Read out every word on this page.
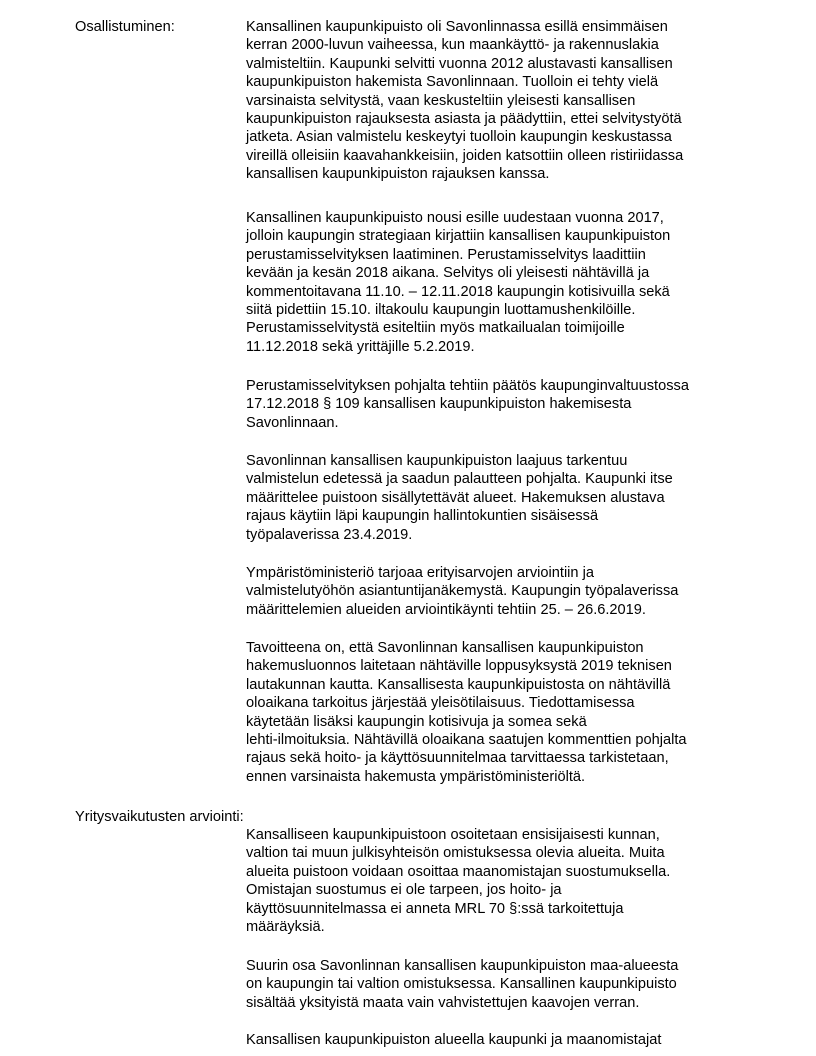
Osallistuminen:	Kansallinen kaupunkipuisto oli Savonlinnassa esillä ensimmäisen
kerran 2000-luvun vaiheessa, kun maankäyttö- ja rakennuslakia
valmisteltiin. Kaupunki selvitti vuonna 2012 alustavasti kansallisen
kaupunkipuiston hakemista Savonlinnaan. Tuolloin ei tehty vielä
varsinaista selvitystä, vaan keskusteltiin yleisesti kansallisen
kaupunkipuiston rajauksesta asiasta ja päädyttiin, ettei selvitystyötä
jatketa. Asian valmistelu keskeytyi tuolloin kaupungin keskustassa
vireillä olleisiin kaavahankkeisiin, joiden katsottiin olleen ristiriidassa
kansallisen kaupunkipuiston rajauksen kanssa.
Kansallinen kaupunkipuisto nousi esille uudestaan vuonna 2017,
jolloin kaupungin strategiaan kirjattiin kansallisen kaupunkipuiston
perustamisselvityksen laatiminen. Perustamisselvitys laadittiin
kevään ja kesän 2018 aikana. Selvitys oli yleisesti nähtävillä ja
kommentoitavana 11.10. – 12.11.2018 kaupungin kotisivuilla sekä
siitä pidettiin 15.10. iltakoulu kaupungin luottamushenkilöille.
Perustamisselvitystä esiteltiin myös matkailualan toimijoille
11.12.2018 sekä yrittäjille 5.2.2019.
Perustamisselvityksen pohjalta tehtiin päätös kaupunginvaltuustossa
17.12.2018 § 109 kansallisen kaupunkipuiston hakemisesta
Savonlinnaan.
Savonlinnan kansallisen kaupunkipuiston laajuus tarkentuu
valmistelun edetessä ja saadun palautteen pohjalta. Kaupunki itse
määrittelee puistoon sisällytettävät alueet. Hakemuksen alustava
rajaus käytiin läpi kaupungin hallintokuntien sisäisessä
työpalaverissa 23.4.2019.
Ympäristöministeriö tarjoaa erityisarvojen arviointiin ja
valmistelutyöhön asiantuntijanäkemystä. Kaupungin työpalaverissa
määrittelemien alueiden arviointikäynti tehtiin 25. – 26.6.2019.
Tavoitteena on, että Savonlinnan kansallisen kaupunkipuiston
hakemusluonnos laitetaan nähtäville loppusyksystä 2019 teknisen
lautakunnan kautta. Kansallisesta kaupunkipuistosta on nähtävillä
oloaikana tarkoitus järjestää yleisötilaisuus. Tiedottamisessa
käytetään lisäksi kaupungin kotisivuja ja somea sekä
lehti-ilmoituksia. Nähtävillä oloaikana saatujen kommenttien pohjalta
rajaus sekä hoito- ja käyttösuunnitelmaa tarvittaessa tarkistetaan,
ennen varsinaista hakemusta ympäristöministeriöltä.
Yritysvaikutusten arviointi:
Kansalliseen kaupunkipuistoon osoitetaan ensisijaisesti kunnan,
valtion tai muun julkisyhteisön omistuksessa olevia alueita. Muita
alueita puistoon voidaan osoittaa maanomistajan suostumuksella.
Omistajan suostumus ei ole tarpeen, jos hoito- ja
käyttösuunnitelmassa ei anneta MRL 70 §:ssä tarkoitettuja
määräyksiä.
Suurin osa Savonlinnan kansallisen kaupunkipuiston maa-alueesta
on kaupungin tai valtion omistuksessa. Kansallinen kaupunkipuisto
sisältää yksityistä maata vain vahvistettujen kaavojen verran.
Kansallisen kaupunkipuiston alueella kaupunki ja maanomistajat
